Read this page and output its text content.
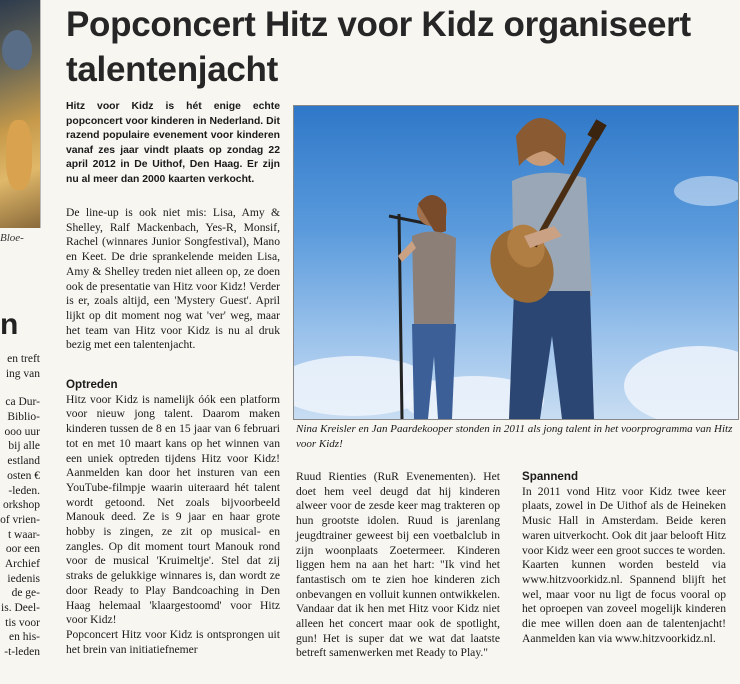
Bloe-
n
en treft
ing van
ca Dur-
Biblio-
ooo uur
bij alle
estland
osten €
-leden.
orkshop
of vrien-
t waar-
oor een
Archief
iedenis
de ge-
is. Deel-
tis voor
en his-
-t-leden
Popconcert Hitz voor Kidz organiseert talentenjacht

Hitz voor Kidz is hét enige echte popconcert voor kinderen in Nederland. Dit razend populaire evenement voor kinderen vanaf zes jaar vindt plaats op zondag 22 april 2012 in De Uithof, Den Haag. Er zijn nu al meer dan 2000 kaarten verkocht.

De line-up is ook niet mis: Lisa, Amy & Shelley, Ralf Mackenbach, Yes-R, Monsif, Rachel (winnares Junior Songfestival), Mano en Keet. De drie sprankelende meiden Lisa, Amy & Shelley treden niet alleen op, ze doen ook de presentatie van Hitz voor Kidz! Verder is er, zoals altijd, een 'Mystery Guest'. April lijkt op dit moment nog wat 'ver' weg, maar het team van Hitz voor Kidz is nu al druk bezig met een talentenjacht.

Optreden

Hitz voor Kidz is namelijk óók een platform voor nieuw jong talent. Daarom maken kinderen tussen de 8 en 15 jaar van 6 februari tot en met 10 maart kans op het winnen van een uniek optreden tijdens Hitz voor Kidz! Aanmelden kan door het insturen van een YouTube-filmpje waarin uiteraard hét talent wordt getoond. Net zoals bijvoorbeeld Manouk deed. Ze is 9 jaar en haar grote hobby is zingen, ze zit op musical- en zangles. Op dit moment tourt Manouk rond voor de musical 'Kruimeltje'. Stel dat zij straks de gelukkige winnares is, dan wordt ze door Ready to Play Bandcoaching in Den Haag helemaal 'klaargestoomd' voor Hitz voor Kidz!

Popconcert Hitz voor Kidz is ontsprongen uit het brein van initiatiefnemer

Nina Kreisler en Jan Paardekooper stonden in 2011 als jong talent in het voorprogramma van Hitz voor Kidz!

Ruud Rienties (RuR Evenementen). Het doet hem veel deugd dat hij kinderen alweer voor de zesde keer mag trakteren op hun grootste idolen. Ruud is jarenlang jeugdtrainer geweest bij een voetbalclub in zijn woonplaats Zoetermeer. Kinderen liggen hem na aan het hart: "Ik vind het fantastisch om te zien hoe kinderen zich onbevangen en volluit kunnen ontwikkelen. Vandaar dat ik hen met Hitz voor Kidz niet alleen het concert maar ook de spotlight, gun! Het is super dat we wat dat laatste betreft samenwerken met Ready to Play."

Spannend

In 2011 vond Hitz voor Kidz twee keer plaats, zowel in De Uithof als de Heineken Music Hall in Amsterdam. Beide keren waren uitverkocht. Ook dit jaar belooft Hitz voor Kidz weer een groot succes te worden.

Kaarten kunnen worden besteld via www.hitzvoorkidz.nl. Spannend blijft het wel, maar voor nu ligt de focus vooral op het oproepen van zoveel mogelijk kinderen die mee willen doen aan de talentenjacht! Aanmelden kan via www.hitzvoorkidz.nl.
